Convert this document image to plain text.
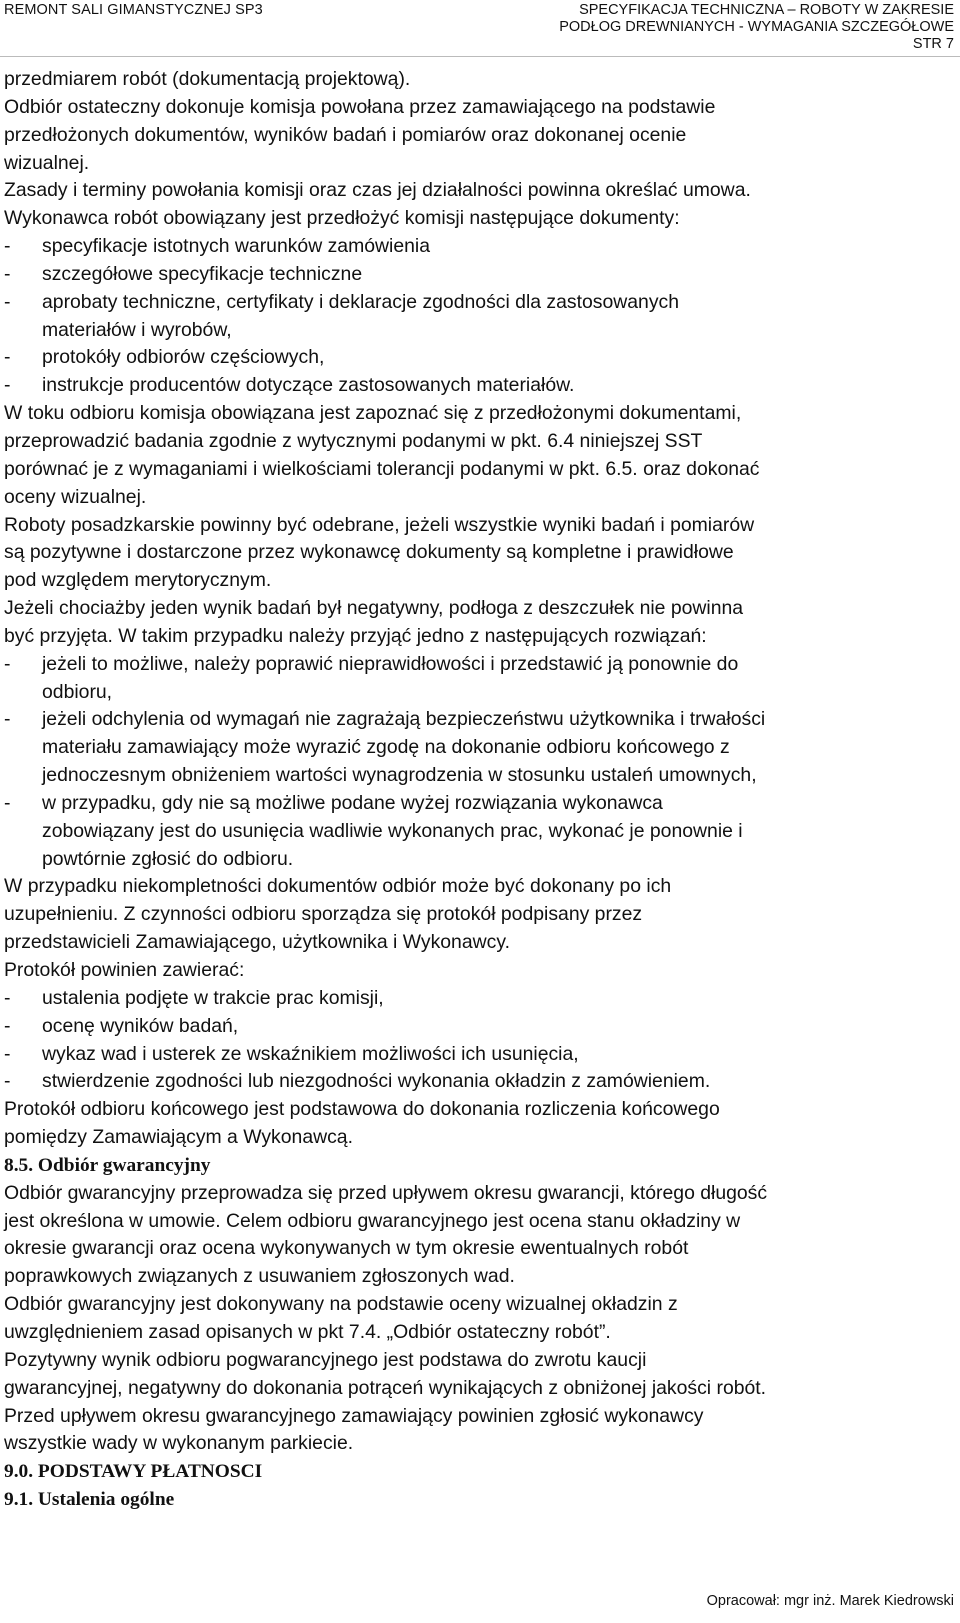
REMONT SALI GIMANSTYCZNEJ SP3	SPECYFIKACJA TECHNICZNA – ROBOTY W ZAKRESIE
PODŁOG DREWNIANYCH - WYMAGANIA SZCZEGÓŁOWE
STR 7
przedmiarem robót (dokumentacją projektową).
Odbiór ostateczny dokonuje komisja powołana przez zamawiającego na podstawie
przedłożonych dokumentów, wyników badań i pomiarów oraz dokonanej ocenie
wizualnej.
Zasady i terminy powołania komisji oraz czas jej działalności powinna określać umowa.
Wykonawca robót obowiązany jest przedłożyć komisji następujące dokumenty:
-	specyfikacje istotnych warunków zamówienia
-	szczegółowe specyfikacje techniczne
-	aprobaty techniczne, certyfikaty i deklaracje zgodności dla zastosowanych
materiałów i wyrobów,
-	protokóły odbiorów częściowych,
-	instrukcje producentów dotyczące zastosowanych materiałów.
W toku odbioru komisja obowiązana jest zapoznać się z przedłożonymi dokumentami,
przeprowadzić badania zgodnie z wytycznymi podanymi w pkt. 6.4 niniejszej SST
porównać je z wymaganiami i wielkościami tolerancji podanymi w pkt. 6.5. oraz dokonać
oceny wizualnej.
Roboty posadzkarskie powinny być odebrane, jeżeli wszystkie wyniki badań i pomiarów
są pozytywne i dostarczone przez wykonawcę dokumenty są kompletne i prawidłowe
pod względem merytorycznym.
Jeżeli chociażby jeden wynik badań był negatywny, podłoga z deszczułek nie powinna
być przyjęta. W takim przypadku należy przyjąć jedno z następujących rozwiązań:
-	jeżeli to możliwe, należy poprawić nieprawidłowości i przedstawić ją ponownie do
odbioru,
-	jeżeli odchylenia od wymagań nie zagrażają bezpieczeństwu użytkownika i trwałości
materiału zamawiający może wyrazić zgodę na dokonanie odbioru końcowego z
jednoczesnym obniżeniem wartości wynagrodzenia w stosunku ustaleń umownych,
-	w przypadku, gdy nie są możliwe podane wyżej rozwiązania wykonawca
zobowiązany jest do usunięcia wadliwie wykonanych prac, wykonać je ponownie i
powtórnie zgłosić do odbioru.
W przypadku niekompletności dokumentów odbiór może być dokonany po ich
uzupełnieniu. Z czynności odbioru sporządza się protokół podpisany przez
przedstawicieli Zamawiającego, użytkownika i Wykonawcy.
Protokół powinien zawierać:
-	ustalenia podjęte w trakcie prac komisji,
-	ocenę wyników badań,
-	wykaz wad i usterek ze wskaźnikiem możliwości ich usunięcia,
-	stwierdzenie zgodności lub niezgodności wykonania okładzin z zamówieniem.
Protokół odbioru końcowego jest podstawowa do dokonania rozliczenia końcowego
pomiędzy Zamawiającym a Wykonawcą.
8.5. Odbiór gwarancyjny
Odbiór gwarancyjny przeprowadza się przed upływem okresu gwarancji, którego długość
jest określona w umowie. Celem odbioru gwarancyjnego jest ocena stanu okładziny w
okresie gwarancji oraz ocena wykonywanych w tym okresie ewentualnych robót
poprawkowych związanych z usuwaniem zgłoszonych wad.
Odbiór gwarancyjny jest dokonywany na podstawie oceny wizualnej okładzin z
uwzględnieniem zasad opisanych w pkt 7.4. „Odbiór ostateczny robót”.
Pozytywny wynik odbioru pogwarancyjnego jest podstawa do zwrotu kaucji
gwarancyjnej, negatywny do dokonania potrąceń wynikających z obniżonej jakości robót.
Przed upływem okresu gwarancyjnego zamawiający powinien zgłosić wykonawcy
wszystkie wady w wykonanym parkiecie.
9.0. PODSTAWY PŁATNOSCI
9.1. Ustalenia ogólne
Opracował: mgr inż. Marek Kiedrowski
